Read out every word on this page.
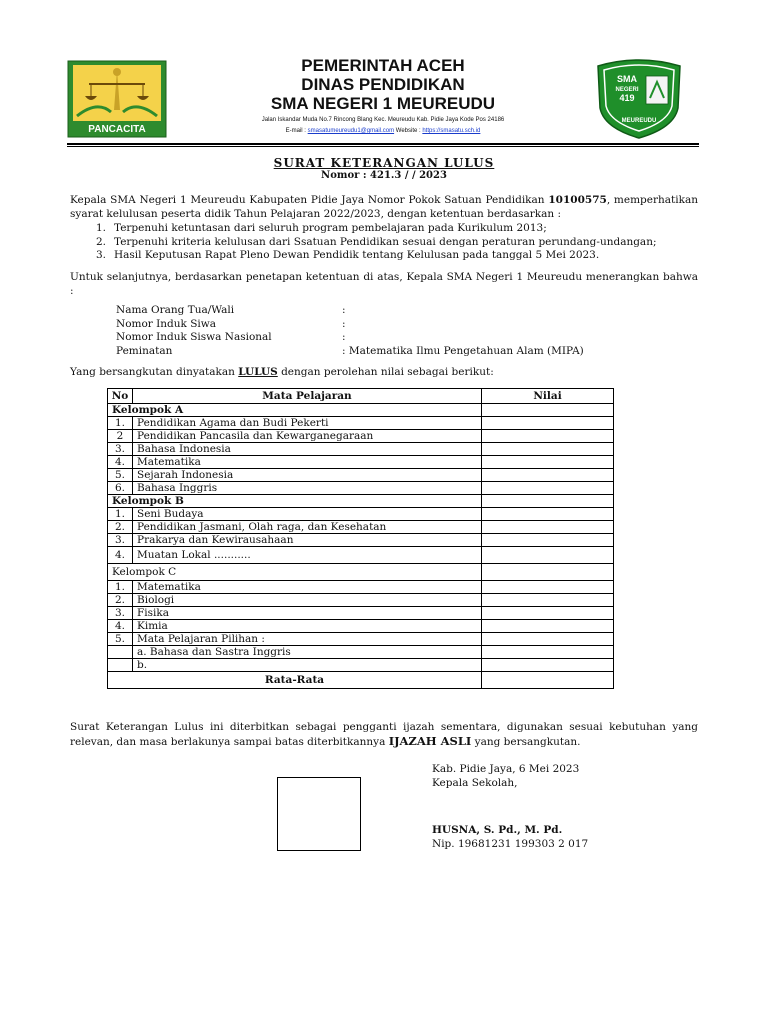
PANCACITA
PEMERINTAH ACEH
DINAS PENDIDIKAN
SMA NEGERI 1 MEUREUDU
Jalan Iskandar Muda No.7 Rincong Blang Kec. Meureudu Kab. Pidie Jaya Kode Pos 24186
E-mail : smasatumeureudu1@gmail.com Website : https://smasatu.sch.id
SMA
NEGERI
419
MEUREUDU
SURAT KETERANGAN LULUS
Nomor : 421.3 / / 2023
Kepala SMA Negeri 1 Meureudu Kabupaten Pidie Jaya Nomor Pokok Satuan Pendidikan 10100575, memperhatikan syarat kelulusan peserta didik Tahun Pelajaran 2022/2023, dengan ketentuan berdasarkan :
1. Terpenuhi ketuntasan dari seluruh program pembelajaran pada Kurikulum 2013;
2. Terpenuhi kriteria kelulusan dari Ssatuan Pendidikan sesuai dengan peraturan perundang-undangan;
3. Hasil Keputusan Rapat Pleno Dewan Pendidik tentang Kelulusan pada tanggal 5 Mei 2023.
Untuk selanjutnya, berdasarkan penetapan ketentuan di atas, Kepala SMA Negeri 1 Meureudu menerangkan bahwa :
Nama Orang Tua/Wali	:
Nomor Induk Siwa	:
Nomor Induk Siswa Nasional	:
Peminatan	: Matematika Ilmu Pengetahuan Alam (MIPA)
Yang bersangkutan dinyatakan LULUS dengan perolehan nilai sebagai berikut:
No	Mata Pelajaran	Nilai
Kelompok A		
1.	Pendidikan Agama dan Budi Pekerti	
2	Pendidikan Pancasila dan Kewarganegaraan	
3.	Bahasa Indonesia	
4.	Matematika	
5.	Sejarah Indonesia	
6.	Bahasa Inggris	
Kelompok B		
1.	Seni Budaya	
2.	Pendidikan Jasmani, Olah raga, dan Kesehatan	
3.	Prakarya dan Kewirausahaan	
4.	Muatan Lokal ...........	
Kelompok C		
1.	Matematika	
2.	Biologi	
3.	Fisika	
4.	Kimia	
5.	Mata Pelajaran Pilihan :	
	a. Bahasa dan Sastra Inggris	
	b.	
Rata-Rata		
Surat Keterangan Lulus ini diterbitkan sebagai pengganti ijazah sementara, digunakan sesuai kebutuhan yang relevan, dan masa berlakunya sampai batas diterbitkannya IJAZAH ASLI yang bersangkutan.
Kab. Pidie Jaya, 6 Mei 2023
Kepala Sekolah,
HUSNA, S. Pd., M. Pd.
Nip. 19681231 199303 2 017
